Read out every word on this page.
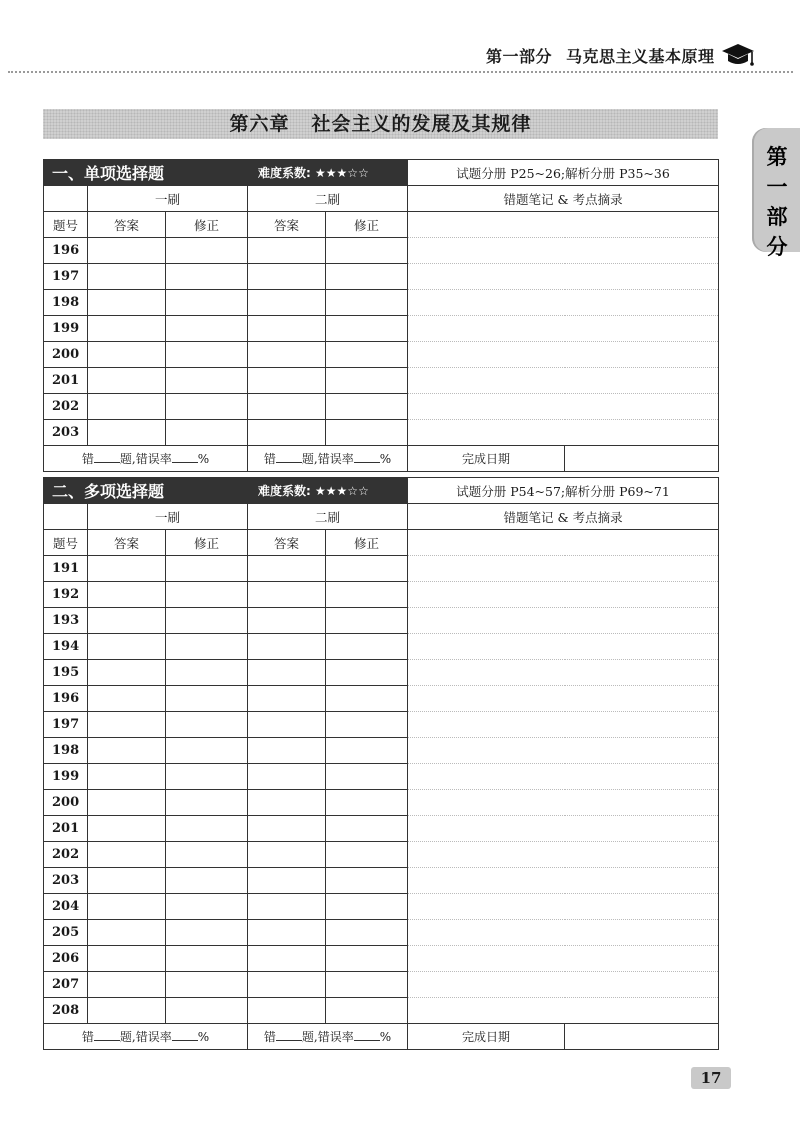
第一部分 马克思主义基本原理
第一部分
第六章 社会主义的发展及其规律
一、单项选择题			难度系数: ★★★☆☆		试题分册 P25~26;解析分册 P35~36	
	一刷		二刷		错题笔记 & 考点摘录	
题号	答案	修正	答案	修正		
196						
197						
198						
199						
200						
201						
202						
203						
错 题,错误率 %			错 题,错误率 %		完成日期	
二、多项选择题			难度系数: ★★★☆☆		试题分册 P54~57;解析分册 P69~71	
	一刷		二刷		错题笔记 & 考点摘录	
题号	答案	修正	答案	修正		
191						
192						
193						
194						
195						
196						
197						
198						
199						
200						
201						
202						
203						
204						
205						
206						
207						
208						
错 题,错误率 %			错 题,错误率 %		完成日期	
17
